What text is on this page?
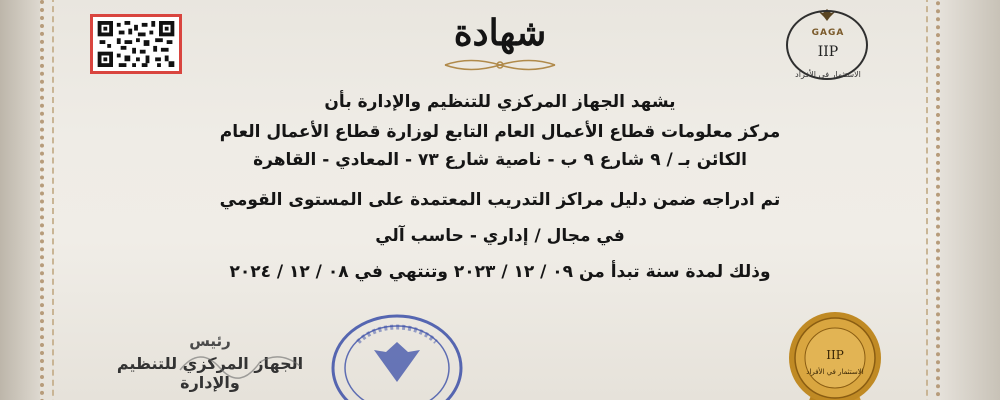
شهادة	GAGA
IIP
الاستثمار في الأفراد
يشهد الجهاز المركزي للتنظيم والإدارة بأن
مركز معلومات قطاع الأعمال العام التابع لوزارة قطاع الأعمال العام
الكائن بـ / ٩ شارع ٩ ب - ناصية شارع ٧٣ - المعادي - القاهرة
تم ادراجه ضمن دليل مراكز التدريب المعتمدة على المستوى القومي
في مجال / إداري - حاسب آلي
وذلك لمدة سنة تبدأ من ٠٩ / ١٢ / ٢٠٢٣ وتنتهي في ٠٨ / ١٢ / ٢٠٢٤
رئيس
الجهاز المركزي للتنظيم والإدارة
IIP
الاستثمار في الأفراد
